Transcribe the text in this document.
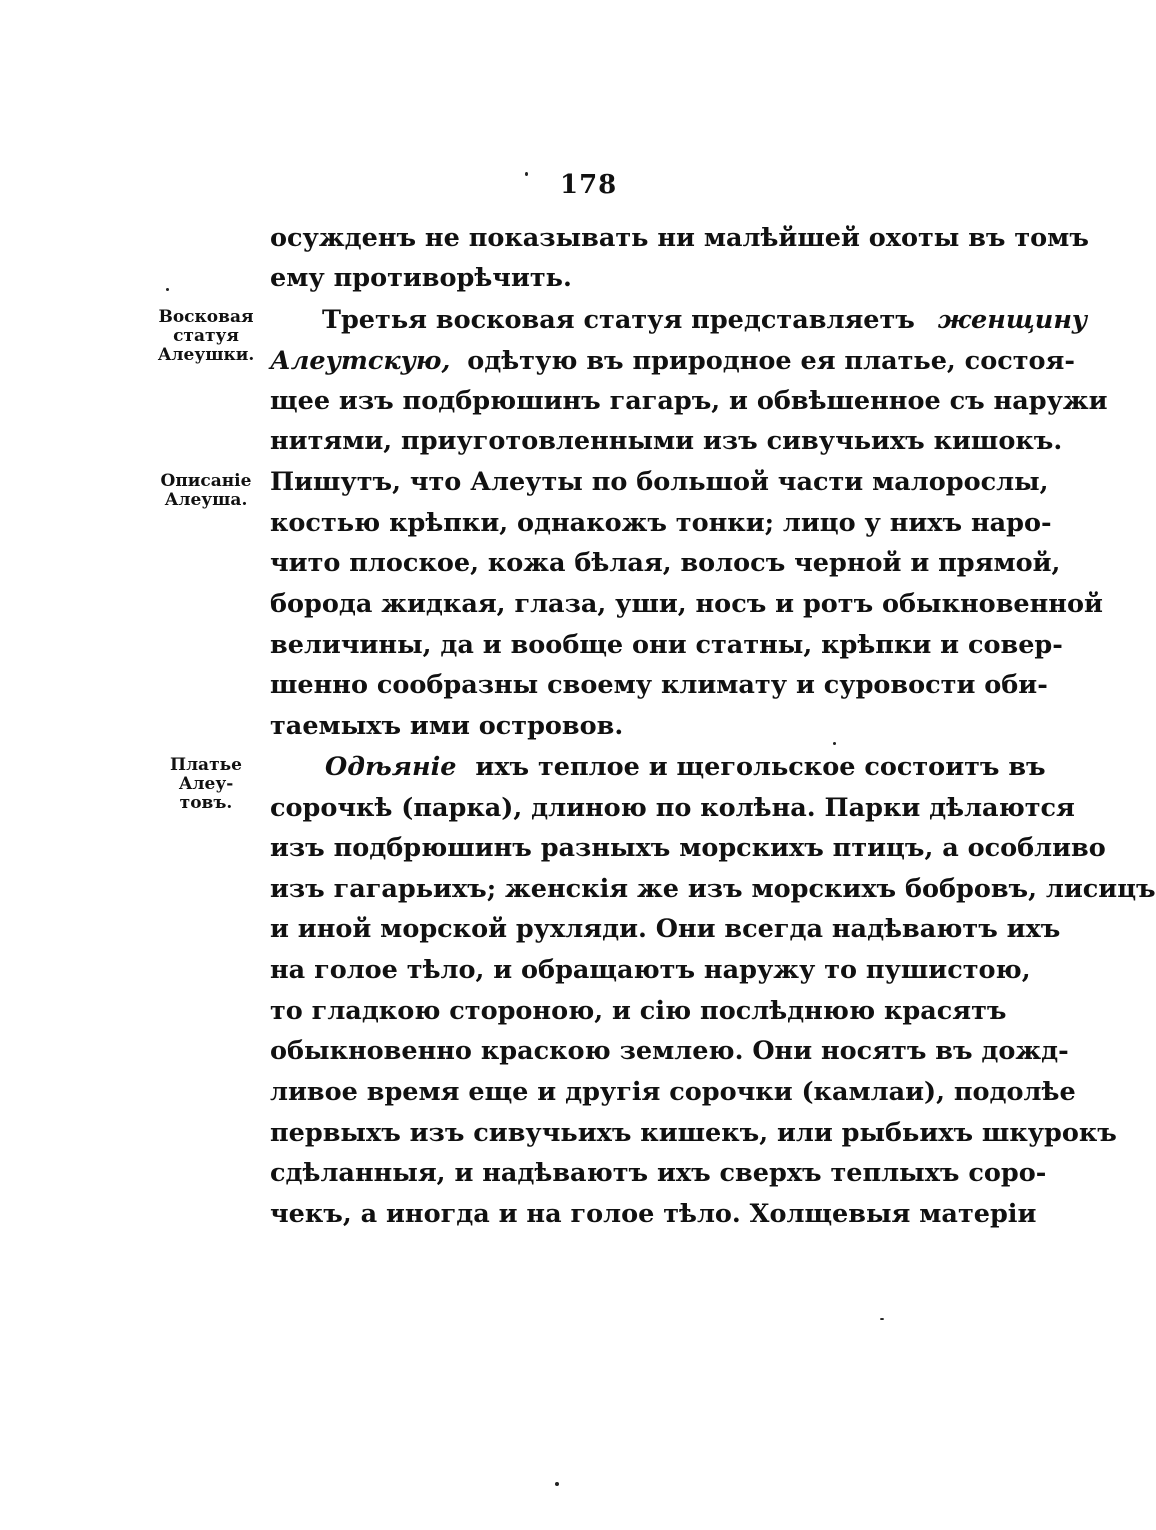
178
Восковая
статуя
Алеушки.
Описаніе
Алеуша.
Платье
Алеу-
товъ.
осужденъ не показывать ни малѣйшей охоты въ томъ
ему противорѣчить.
Третья восковая статуя представляетъ женщину
Алеутскую, одѣтую въ природное ея платье, состоя-
щее изъ подбрюшинъ гагаръ, и обвѣшенное съ наружи
нитями, приуготовленными изъ сивучьихъ кишокъ.
Пишутъ, что Алеуты по большой части малорослы,
костью крѣпки, однакожъ тонки; лицо у нихъ наро-
чито плоское, кожа бѣлая, волосъ черной и прямой,
борода жидкая, глаза, уши, носъ и ротъ обыкновенной
величины, да и вообще они статны, крѣпки и совер-
шенно сообразны своему климату и суровости оби-
таемыхъ ими островов.
Одѣяніе ихъ теплое и щегольское состоитъ въ
сорочкѣ (парка), длиною по колѣна. Парки дѣлаются
изъ подбрюшинъ разныхъ морскихъ птицъ, а особливо
изъ гагарьихъ; женскія же изъ морскихъ бобровъ, лисицъ
и иной морской рухляди. Они всегда надѣваютъ ихъ
на голое тѣло, и обращаютъ наружу то пушистою,
то гладкою стороною, и сію послѣднюю красятъ
обыкновенно краскою землею. Они носятъ въ дожд-
ливое время еще и другія сорочки (камлаи), подолѣе
первыхъ изъ сивучьихъ кишекъ, или рыбьихъ шкурокъ
сдѣланныя, и надѣваютъ ихъ сверхъ теплыхъ соро-
чекъ, а иногда и на голое тѣло. Холщевыя матеріи
